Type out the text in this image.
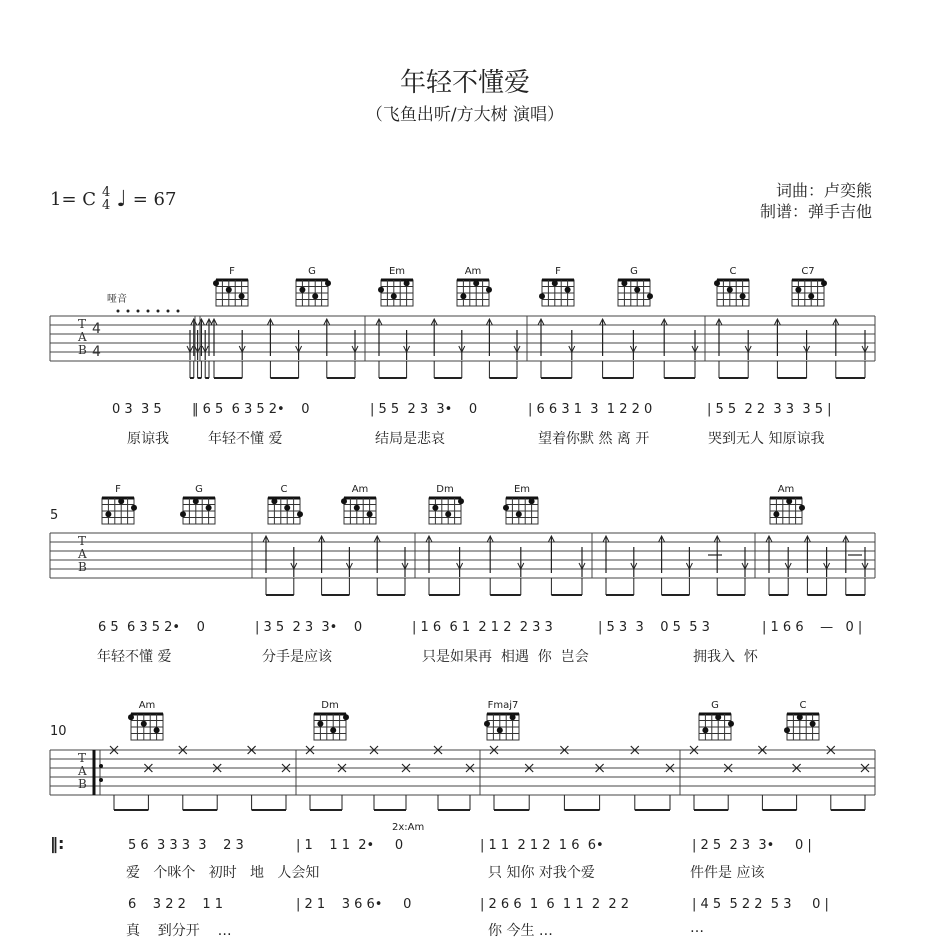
年轻不懂爱
（飞鱼出听/方大树 演唱）
1= C 4
4 ♩ = 67	词曲：卢奕熊
制谱：弹手吉他
T
A
B
4
4
F	G	Em	Am	F	G	C	C7
T
A
B
F	G	C	Am	Dm	Em	Am
T
A
B
Am	Dm	Fmaj7	G	C
哑音
0 3  3 5 ‖ 6 5  6 3 5 2•    0	| 5 5  2 3  3•    0	| 6 6 3 1  3  1 2 2 0	| 5 5  2 2  3 3  3 5 |
原谅我	年轻不懂 爱	结局是悲哀	望着你默 然 离 开	哭到无人 知原谅我
5
6 5  6 3 5 2•    0	| 3 5  2 3  3•    0	| 1 6  6 1  2 1 2  2 3 3	| 5 3  3    0 5  5 3	| 1 6 6    —   0 |
年轻不懂 爱	分手是应该	只是如果再  相遇  你  岂会	拥我入  怀
10
2x:Am
‖:	5 6  3 3 3  3    2 3	| 1    1 1  2•     0	| 1 1  2 1 2  1 6  6•	| 2 5  2 3  3•     0 |
爱   个咪个   初时   地   人会知	只 知你 对我个爱	件件是 应该
6    3 2 2    1 1	| 2 1    3 6 6•     0	| 2 6 6  1  6  1 1  2  2 2	| 4 5  5 2 2  5 3     0 |
真    到分开    …	你 今生 …	…
